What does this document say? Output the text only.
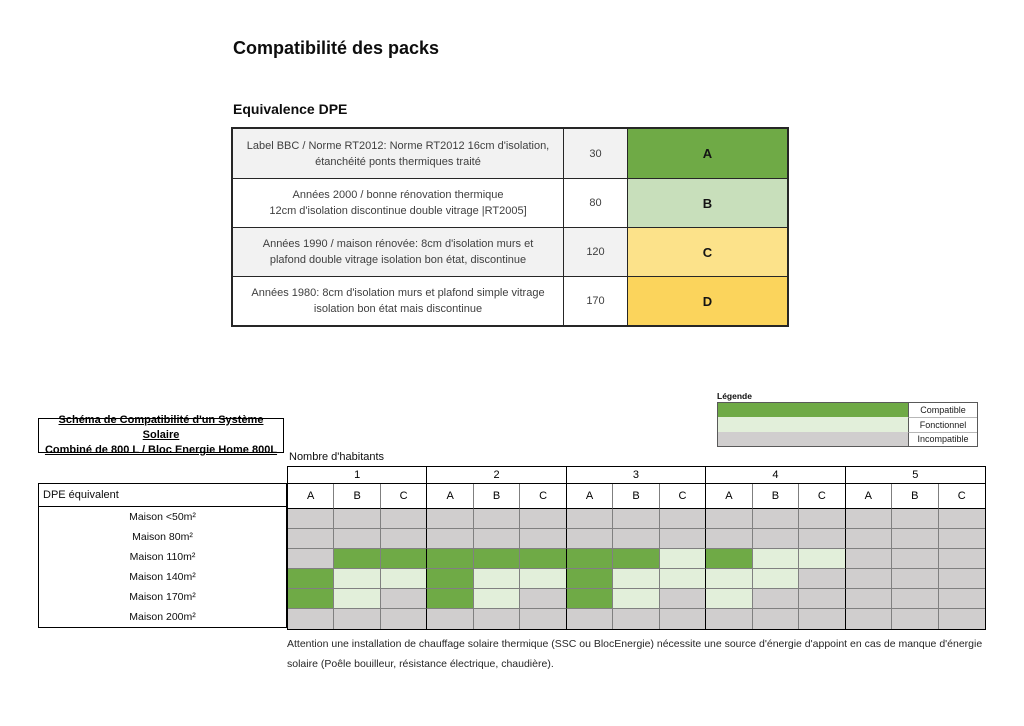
Compatibilité des packs
Equivalence DPE
Label BBC / Norme RT2012: Norme RT2012 16cm d'isolation,
étanchéité ponts thermiques traité
30	A
Années 2000 / bonne rénovation thermique
12cm d'isolation discontinue double vitrage |RT2005]
80	B
Années 1990 / maison rénovée: 8cm d'isolation murs et
plafond double vitrage isolation bon état, discontinue
120	C
Années 1980: 8cm d'isolation murs et plafond simple vitrage
isolation bon état mais discontinue
170	D
Légende
Compatible
Fonctionnel
Incompatible
Schéma de Compatibilité d'un Système Solaire
Combiné de 800 L / Bloc Energie Home 800L
Nombre d'habitants
1	2	3	4	5
A	B	C	A	B	C	A	B	C	A	B	C	A	B	C
DPE équivalent
Maison <50m²
Maison 80m²
Maison 110m²
Maison 140m²
Maison 170m²
Maison 200m²
Attention une installation de chauffage solaire thermique (SSC ou BlocEnergie) nécessite une source d'énergie d'appoint en cas de manque d'énergie
solaire (Poêle bouilleur, résistance électrique, chaudière).
